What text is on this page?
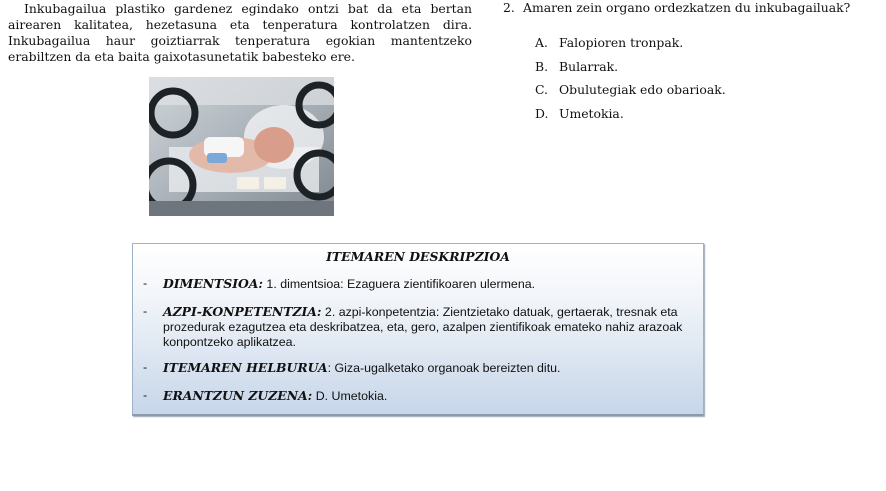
Inkubagailua plastiko gardenez egindako ontzi bat da eta bertan airearen kalitatea, hezetasuna eta tenperatura kontrolatzen dira. Inkubagailua haur goiztiarrak tenperatura egokian mantentzeko erabiltzen da eta baita gaixotasunetatik babesteko ere.

2. Amaren zein organo ordezkatzen du inkubagailuak?
A. Falopioren tronpak.
B. Bularrak.
C. Obulutegiak edo obarioak.
D. Umetokia.
ITEMAREN DESKRIPZIOA
- DIMENTSIOA: 1. dimentsioa: Ezaguera zientifikoaren ulermena.
- AZPI-KONPETENTZIA: 2. azpi-konpetentzia: Zientzietako datuak, gertaerak, tresnak eta prozedurak ezagutzea eta deskribatzea, eta, gero, azalpen zientifikoak emateko nahiz arazoak konpontzeko aplikatzea.
- ITEMAREN HELBURUA: Giza-ugalketako organoak bereizten ditu.
- ERANTZUN ZUZENA: D. Umetokia.
